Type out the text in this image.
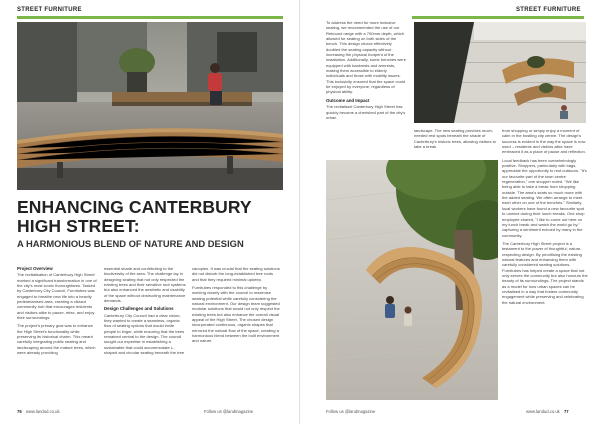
STREET FURNITURE
ENHANCING CANTERBURY HIGH STREET:
A HARMONIOUS BLEND OF NATURE AND DESIGN
Project Overview

The revitalisation of Canterbury High Street marked a significant transformation in one of the city's most iconic thoroughfares. Tasked by Canterbury City Council, Furnitubes was engaged to breathe new life into a heavily pedestrianised area, creating a vibrant community hub that encourages residents and visitors alike to pause, relax, and enjoy their surroundings.

The project's primary goal was to enhance the High Street's functionality while preserving its historical charm. This meant carefully integrating public seating and landscaping around the mature trees, which were already providing

essential shade and contributing to the biodiversity of the area. The challenge lay in designing seating that not only respected the existing trees and their sensitive root systems but also enhanced the aesthetic and usability of the space without obstructing maintenance demands.

Design Challenges and Solutions

Canterbury City Council had a clear vision; they wanted to create a seamless, organic flow of seating options that would invite people to linger, while ensuring that the trees remained central to the design. The council sought our expertise in establishing a sustainable that could accommodate L-shaped and circular seating beneath the tree

canopies. It was crucial that the seating solutions did not disturb the long-established tree roots and that they required minimal upkeep.

Furnitubes responded to this challenge by working closely with the council to maximise seating potential while carefully considering the natural environment. Our design team suggested modular solutions that would not only respect the existing trees but also enhance the overall visual appeal of the High Street. The chosen design incorporated continuous, organic shapes that mirrored the natural flow of the space, creating a harmonious blend between the built environment and nature.

76 www.landud.co.uk	Follow us @landmagazine
STREET FURNITURE

To address the need for more inclusive seating, we recommended the use of our Rebound range with a 700mm depth, which allowed for seating on both sides of the bench. This design choice effectively doubled the seating capacity without increasing the physical footprint of the installation. Additionally, some benches were equipped with backrests and armrests, making them accessible to elderly individuals and those with mobility issues. This inclusivity ensured that the space could be enjoyed by everyone, regardless of physical ability.

Outcome and Impact

The revitalised Canterbury High Street has quickly become a cherished part of the city's urban

landscape. The new seating provides much-needed rest spots beneath the shade of Canterbury's historic trees, allowing visitors to take a break

from shopping or simply enjoy a moment of calm in the bustling city centre. The design's success is evident in the way the space is now used – residents and visitors alike have embraced it as a place of pause and reflection.

Local feedback has been overwhelmingly positive. Shoppers, particularly with bags, appreciate the opportunity to rest outdoors. "It's our favourite part of the town centre regeneration," one shopper noted. "We like being able to take a break from shopping outside. The area's seats so much more with the added seating. We often arrange to meet each other on one of the benches." Similarly, local workers have found a new favourite spot to unwind during their lunch breaks. One shop employee shared, "I like to come out here on my lunch break and watch the world go by," capturing a sentiment echoed by many in the community.

The Canterbury High Street project is a testament to the power of thoughtful, nature-respecting design. By prioritising the existing natural features and enhancing them with carefully considered seating solutions, Furnitubes has helped create a space that not only serves the community but also honours the beauty of its surroundings. The project stands as a model for how urban spaces can be revitalised in a way that fosters community engagement while preserving and celebrating the natural environment.

Follow us @landmagazine	www.landud.co.uk 77
